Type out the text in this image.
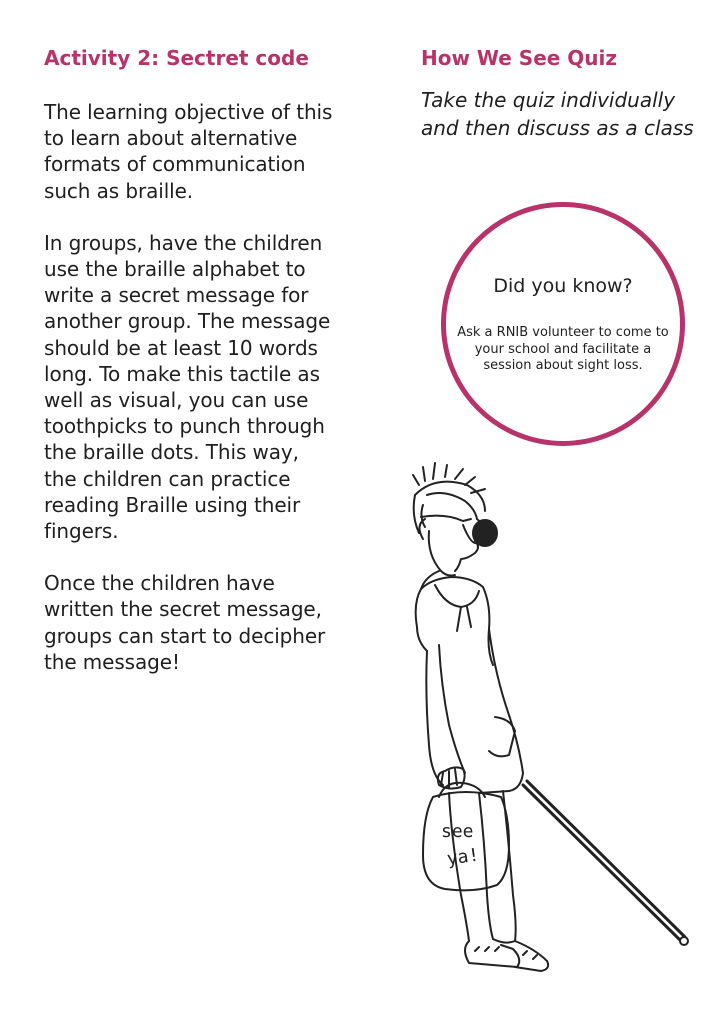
Activity 2: Sectret code

The learning objective of this to learn about alternative formats of communication such as braille.

In groups, have the children use the braille alphabet to write a secret message for another group. The message should be at least 10 words long. To make this tactile as well as visual, you can use toothpicks to punch through the braille dots. This way, the children can practice reading Braille using their fingers.

Once the children have written the secret message, groups can start to decipher the message!

How We See Quiz

Take the quiz individually and then discuss as a class

Did you know?
Ask a RNIB volunteer to come to your school and facilitate a session about sight loss.
see
ya!
